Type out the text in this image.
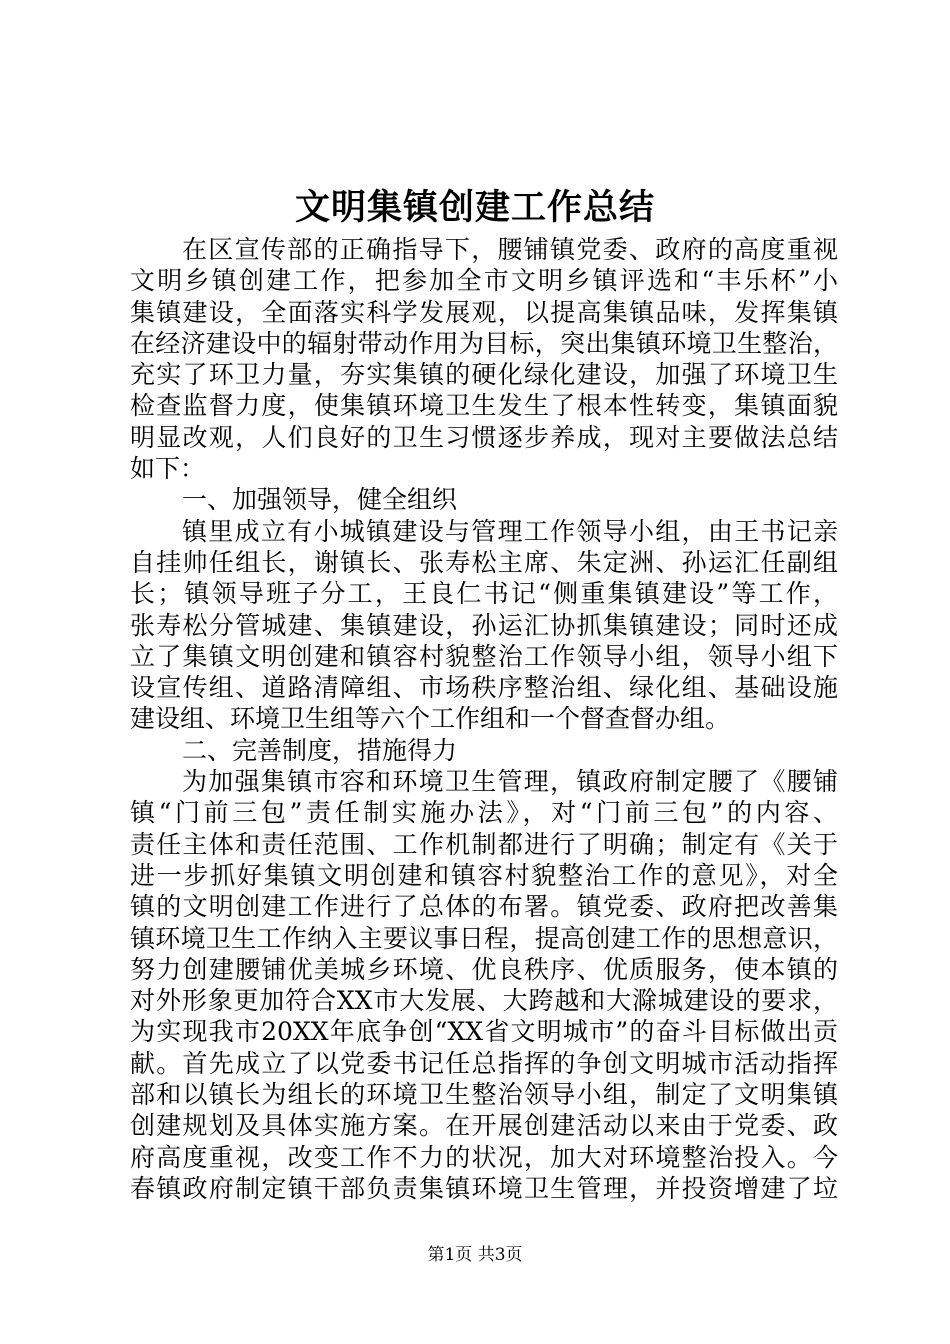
文明集镇创建工作总结
在区宣传部的正确指导下，腰铺镇党委、政府的高度重视
文明乡镇创建工作，把参加全市文明乡镇评选和“丰乐杯”小
集镇建设，全面落实科学发展观，以提高集镇品味，发挥集镇
在经济建设中的辐射带动作用为目标，突出集镇环境卫生整治，
充实了环卫力量，夯实集镇的硬化绿化建设，加强了环境卫生
检查监督力度，使集镇环境卫生发生了根本性转变，集镇面貌
明显改观，人们良好的卫生习惯逐步养成，现对主要做法总结
如下：
一、加强领导，健全组织
镇里成立有小城镇建设与管理工作领导小组，由王书记亲
自挂帅任组长，谢镇长、张寿松主席、朱定洲、孙运汇任副组
长；镇领导班子分工，王良仁书记“侧重集镇建设”等工作，
张寿松分管城建、集镇建设，孙运汇协抓集镇建设；同时还成
立了集镇文明创建和镇容村貌整治工作领导小组，领导小组下
设宣传组、道路清障组、市场秩序整治组、绿化组、基础设施
建设组、环境卫生组等六个工作组和一个督查督办组。
二、完善制度，措施得力
为加强集镇市容和环境卫生管理，镇政府制定腰了《腰铺
镇“门前三包”责任制实施办法》，对“门前三包”的内容、
责任主体和责任范围、工作机制都进行了明确；制定有《关于
进一步抓好集镇文明创建和镇容村貌整治工作的意见》，对全
镇的文明创建工作进行了总体的布署。镇党委、政府把改善集
镇环境卫生工作纳入主要议事日程，提高创建工作的思想意识，
努力创建腰铺优美城乡环境、优良秩序、优质服务，使本镇的
对外形象更加符合XX市大发展、大跨越和大滁城建设的要求，
为实现我市20XX年底争创“XX省文明城市”的奋斗目标做出贡
献。首先成立了以党委书记任总指挥的争创文明城市活动指挥
部和以镇长为组长的环境卫生整治领导小组，制定了文明集镇
创建规划及具体实施方案。在开展创建活动以来由于党委、政
府高度重视，改变工作不力的状况，加大对环境整治投入。今
春镇政府制定镇干部负责集镇环境卫生管理，并投资增建了垃
第1页 共3页
